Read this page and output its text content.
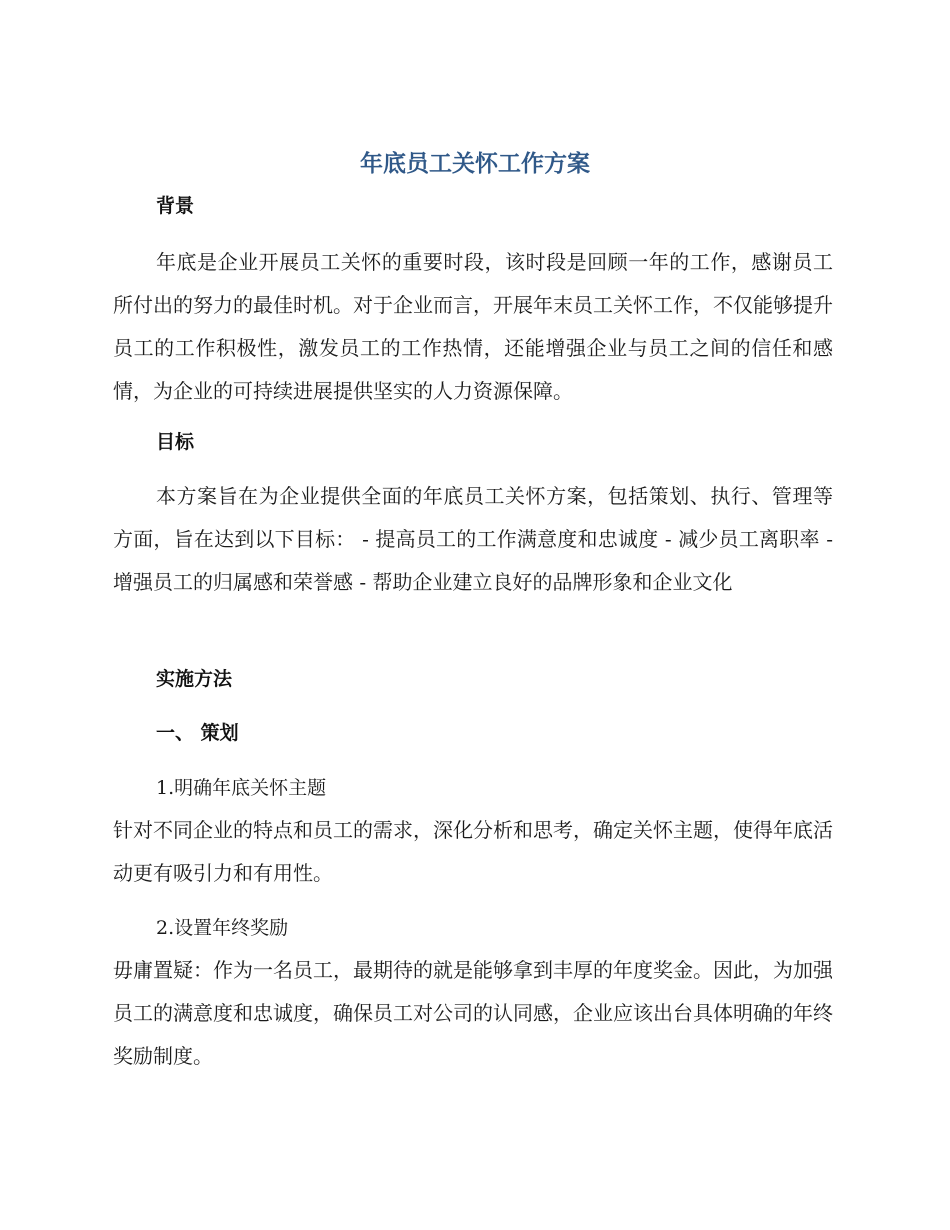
年底员工关怀工作方案
背景

年底是企业开展员工关怀的重要时段，该时段是回顾一年的工作，感谢员工所付出的努力的最佳时机。对于企业而言，开展年末员工关怀工作，不仅能够提升员工的工作积极性，激发员工的工作热情，还能增强企业与员工之间的信任和感情，为企业的可持续进展提供坚实的人力资源保障。

目标

本方案旨在为企业提供全面的年底员工关怀方案，包括策划、执行、管理等方面，旨在达到以下目标： - 提高员工的工作满意度和忠诚度 - 减少员工离职率 - 增强员工的归属感和荣誉感 - 帮助企业建立良好的品牌形象和企业文化

实施方法
一、 策划
1.明确年底关怀主题

针对不同企业的特点和员工的需求，深化分析和思考，确定关怀主题，使得年底活动更有吸引力和有用性。

2.设置年终奖励

毋庸置疑：作为一名员工，最期待的就是能够拿到丰厚的年度奖金。因此，为加强员工的满意度和忠诚度，确保员工对公司的认同感，企业应该出台具体明确的年终奖励制度。
